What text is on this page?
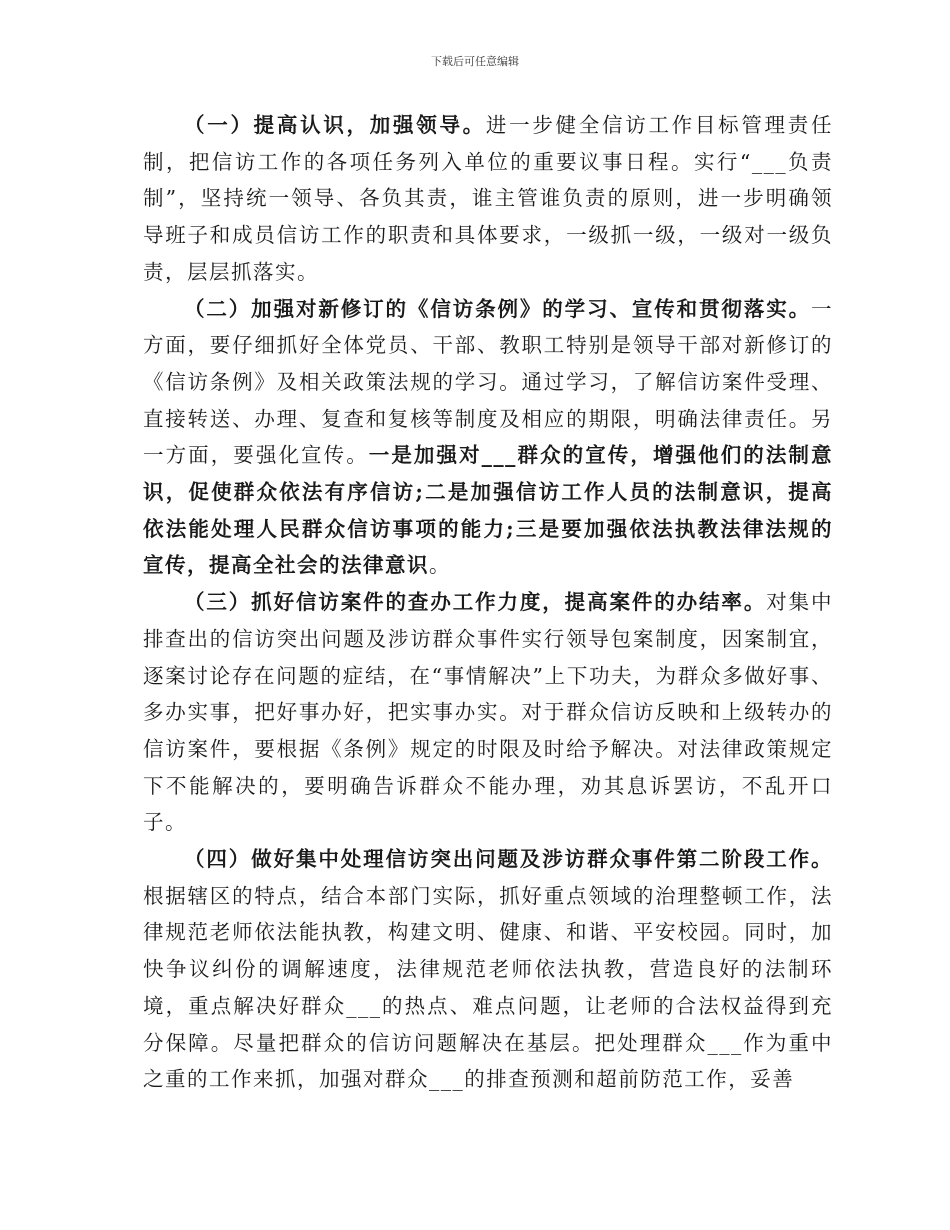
下载后可任意编辑

（一）提高认识，加强领导。进一步健全信访工作目标管理责任制，把信访工作的各项任务列入单位的重要议事日程。实行“___负责制”，坚持统一领导、各负其责，谁主管谁负责的原则，进一步明确领导班子和成员信访工作的职责和具体要求，一级抓一级，一级对一级负责，层层抓落实。

（二）加强对新修订的《信访条例》的学习、宣传和贯彻落实。一方面，要仔细抓好全体党员、干部、教职工特别是领导干部对新修订的《信访条例》及相关政策法规的学习。通过学习，了解信访案件受理、直接转送、办理、复查和复核等制度及相应的期限，明确法律责任。另一方面，要强化宣传。一是加强对___群众的宣传，增强他们的法制意识，促使群众依法有序信访;二是加强信访工作人员的法制意识，提高依法能处理人民群众信访事项的能力;三是要加强依法执教法律法规的宣传，提高全社会的法律意识。

（三）抓好信访案件的查办工作力度，提高案件的办结率。对集中排查出的信访突出问题及涉访群众事件实行领导包案制度，因案制宜，逐案讨论存在问题的症结，在“事情解决”上下功夫，为群众多做好事、多办实事，把好事办好，把实事办实。对于群众信访反映和上级转办的信访案件，要根据《条例》规定的时限及时给予解决。对法律政策规定下不能解决的，要明确告诉群众不能办理，劝其息诉罢访，不乱开口子。

（四）做好集中处理信访突出问题及涉访群众事件第二阶段工作。根据辖区的特点，结合本部门实际，抓好重点领域的治理整顿工作，法律规范老师依法能执教，构建文明、健康、和谐、平安校园。同时，加快争议纠份的调解速度，法律规范老师依法执教，营造良好的法制环境，重点解决好群众___的热点、难点问题，让老师的合法权益得到充分保障。尽量把群众的信访问题解决在基层。把处理群众___作为重中之重的工作来抓，加强对群众___的排查预测和超前防范工作，妥善
